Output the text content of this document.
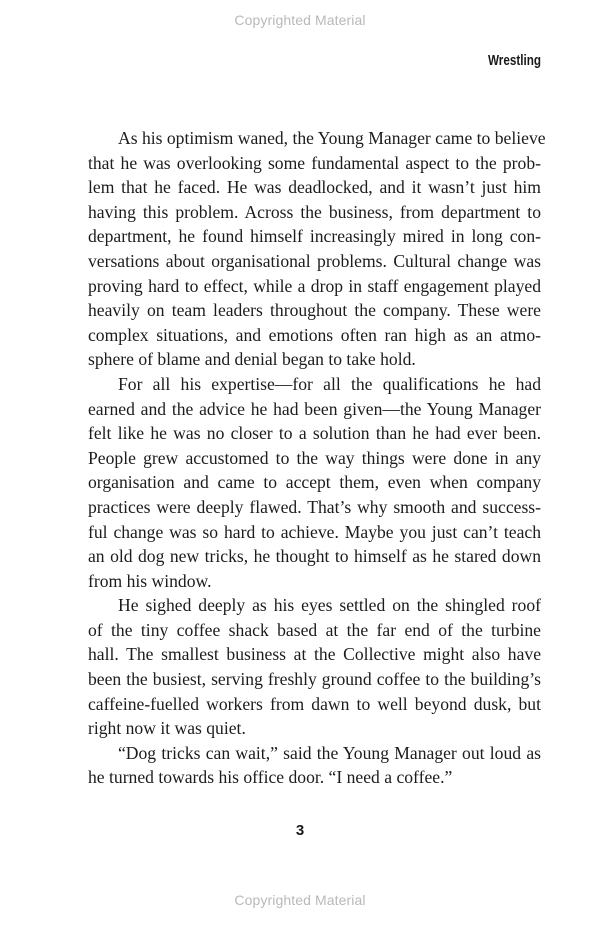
Copyrighted Material
Wrestling
As his optimism waned, the Young Manager came to believe
that he was overlooking some fundamental aspect to the prob-
lem that he faced. He was deadlocked, and it wasn’t just him
having this problem. Across the business, from department to
department, he found himself increasingly mired in long con-
versations about organisational problems. Cultural change was
proving hard to effect, while a drop in staff engagement played
heavily on team leaders throughout the company. These were
complex situations, and emotions often ran high as an atmo-
sphere of blame and denial began to take hold.
For all his expertise—for all the qualifications he had
earned and the advice he had been given—the Young Manager
felt like he was no closer to a solution than he had ever been.
People grew accustomed to the way things were done in any
organisation and came to accept them, even when company
practices were deeply flawed. That’s why smooth and success-
ful change was so hard to achieve. Maybe you just can’t teach
an old dog new tricks, he thought to himself as he stared down
from his window.
He sighed deeply as his eyes settled on the shingled roof
of the tiny coffee shack based at the far end of the turbine
hall. The smallest business at the Collective might also have
been the busiest, serving freshly ground coffee to the building’s
caffeine-fuelled workers from dawn to well beyond dusk, but
right now it was quiet.
“Dog tricks can wait,” said the Young Manager out loud as
he turned towards his office door. “I need a coffee.”
3
Copyrighted Material
